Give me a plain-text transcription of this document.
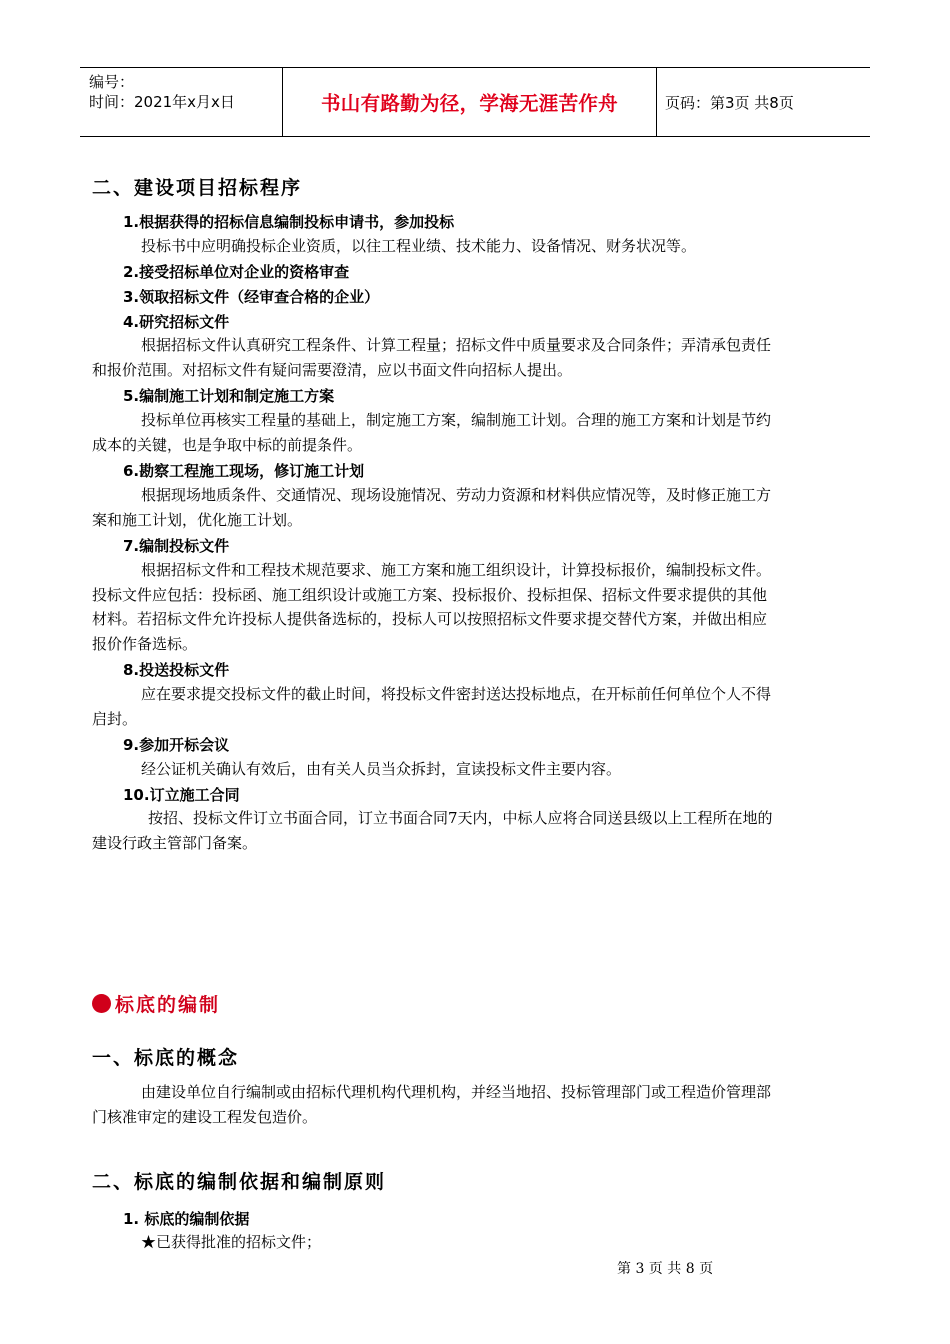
编号：
时间：2021年x月x日	书山有路勤为径，学海无涯苦作舟	页码：第3页 共8页
二、建设项目招标程序
1.根据获得的招标信息编制投标申请书，参加投标
投标书中应明确投标企业资质，以往工程业绩、技术能力、设备情况、财务状况等。
2.接受招标单位对企业的资格审查
3.领取招标文件（经审查合格的企业）
4.研究招标文件
根据招标文件认真研究工程条件、计算工程量；招标文件中质量要求及合同条件；弄清承包责任
和报价范围。对招标文件有疑问需要澄清，应以书面文件向招标人提出。
5.编制施工计划和制定施工方案
投标单位再核实工程量的基础上，制定施工方案，编制施工计划。合理的施工方案和计划是节约
成本的关键，也是争取中标的前提条件。
6.勘察工程施工现场，修订施工计划
根据现场地质条件、交通情况、现场设施情况、劳动力资源和材料供应情况等，及时修正施工方
案和施工计划，优化施工计划。
7.编制投标文件
根据招标文件和工程技术规范要求、施工方案和施工组织设计，计算投标报价，编制投标文件。
投标文件应包括：投标函、施工组织设计或施工方案、投标报价、投标担保、招标文件要求提供的其他
材料。若招标文件允许投标人提供备选标的，投标人可以按照招标文件要求提交替代方案，并做出相应
报价作备选标。
8.投送投标文件
应在要求提交投标文件的截止时间，将投标文件密封送达投标地点，在开标前任何单位个人不得
启封。
9.参加开标会议
经公证机关确认有效后，由有关人员当众拆封，宣读投标文件主要内容。
10.订立施工合同
按招、投标文件订立书面合同，订立书面合同7天内，中标人应将合同送县级以上工程所在地的
建设行政主管部门备案。
标底的编制
一、标底的概念
由建设单位自行编制或由招标代理机构代理机构，并经当地招、投标管理部门或工程造价管理部
门核准审定的建设工程发包造价。
二、标底的编制依据和编制原则
1. 标底的编制依据
★已获得批准的招标文件；
第 3 页 共 8 页
